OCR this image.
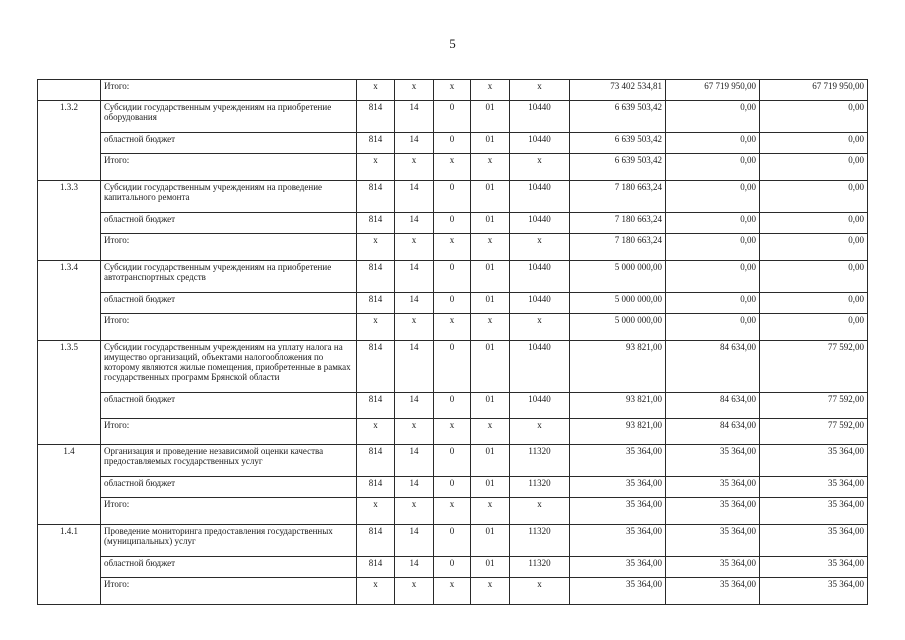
5
	Итого:	x	x	x	x	x	73 402 534,81	67 719 950,00	67 719 950,00
1.3.2	Субсидии государственным учреждениям на приобретение оборудования	814	14	0	01	10440	6 639 503,42	0,00	0,00
	областной бюджет	814	14	0	01	10440	6 639 503,42	0,00	0,00
	Итого:	x	x	x	x	x	6 639 503,42	0,00	0,00
1.3.3	Субсидии государственным учреждениям на проведение капитального ремонта	814	14	0	01	10440	7 180 663,24	0,00	0,00
	областной бюджет	814	14	0	01	10440	7 180 663,24	0,00	0,00
	Итого:	x	x	x	x	x	7 180 663,24	0,00	0,00
1.3.4	Субсидии государственным учреждениям на приобретение автотранспортных средств	814	14	0	01	10440	5 000 000,00	0,00	0,00
	областной бюджет	814	14	0	01	10440	5 000 000,00	0,00	0,00
	Итого:	x	x	x	x	x	5 000 000,00	0,00	0,00
1.3.5	Субсидии государственным учреждениям на уплату налога на имущество организаций, объектами налогообложения по которому являются жилые помещения, приобретенные в рамках государственных программ Брянской области	814	14	0	01	10440	93 821,00	84 634,00	77 592,00
	областной бюджет	814	14	0	01	10440	93 821,00	84 634,00	77 592,00
	Итого:	x	x	x	x	x	93 821,00	84 634,00	77 592,00
1.4	Организация и проведение независимой оценки качества предоставляемых государственных услуг	814	14	0	01	11320	35 364,00	35 364,00	35 364,00
	областной бюджет	814	14	0	01	11320	35 364,00	35 364,00	35 364,00
	Итого:	x	x	x	x	x	35 364,00	35 364,00	35 364,00
1.4.1	Проведение мониторинга предоставления государственных (муниципальных) услуг	814	14	0	01	11320	35 364,00	35 364,00	35 364,00
	областной бюджет	814	14	0	01	11320	35 364,00	35 364,00	35 364,00
	Итого:	x	x	x	x	x	35 364,00	35 364,00	35 364,00
